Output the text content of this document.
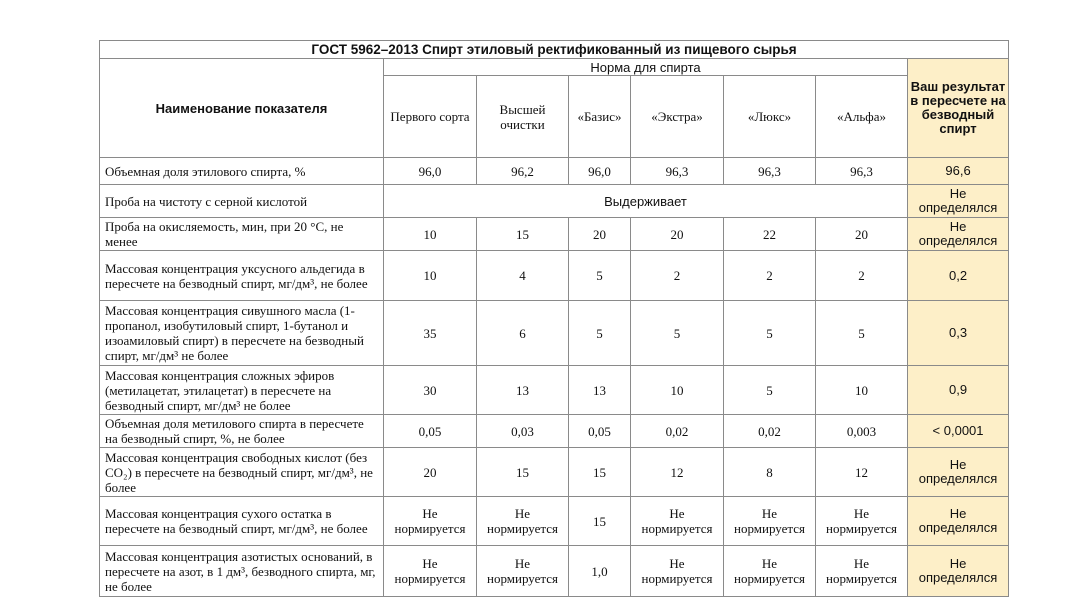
ГОСТ 5962–2013 Спирт этиловый ректификованный из пищевого сырья							
Наименование показателя	Норма для спирта						Ваш результат в пересчете на безводный спирт
	Первого сорта	Высшей очистки	«Базис»	«Экстра»	«Люкс»	«Альфа»	
Объемная доля этилового спирта, %	96,0	96,2	96,0	96,3	96,3	96,3	96,6
Проба на чистоту с серной кислотой	Выдерживает						Не определялся
Проба на окисляемость, мин, при 20 °С, не менее	10	15	20	20	22	20	Не определялся
Массовая концентрация уксусного альдегида в пересчете на безводный спирт, мг/дм³, не более	10	4	5	2	2	2	0,2
Массовая концентрация сивушного масла (1-пропанол, изобутиловый спирт, 1-бутанол и изоамиловый спирт) в пересчете на безводный спирт, мг/дм³ не более	35	6	5	5	5	5	0,3
Массовая концентрация сложных эфиров (метилацетат, этилацетат) в пересчете на безводный спирт, мг/дм³ не более	30	13	13	10	5	10	0,9
Объемная доля метилового спирта в пересчете на безводный спирт, %, не более	0,05	0,03	0,05	0,02	0,02	0,003	< 0,0001
Массовая концентрация свободных кислот (без CO₂) в пересчете на безводный спирт, мг/дм³, не более	20	15	15	12	8	12	Не определялся
Массовая концентрация сухого остатка в пересчете на безводный спирт, мг/дм³, не более	Не нормируется	Не нормируется	15	Не нормируется	Не нормируется	Не нормируется	Не определялся
Массовая концентрация азотистых оснований, в пересчете на азот, в 1 дм³, безводного спирта, мг, не более	Не нормируется	Не нормируется	1,0	Не нормируется	Не нормируется	Не нормируется	Не определялся
